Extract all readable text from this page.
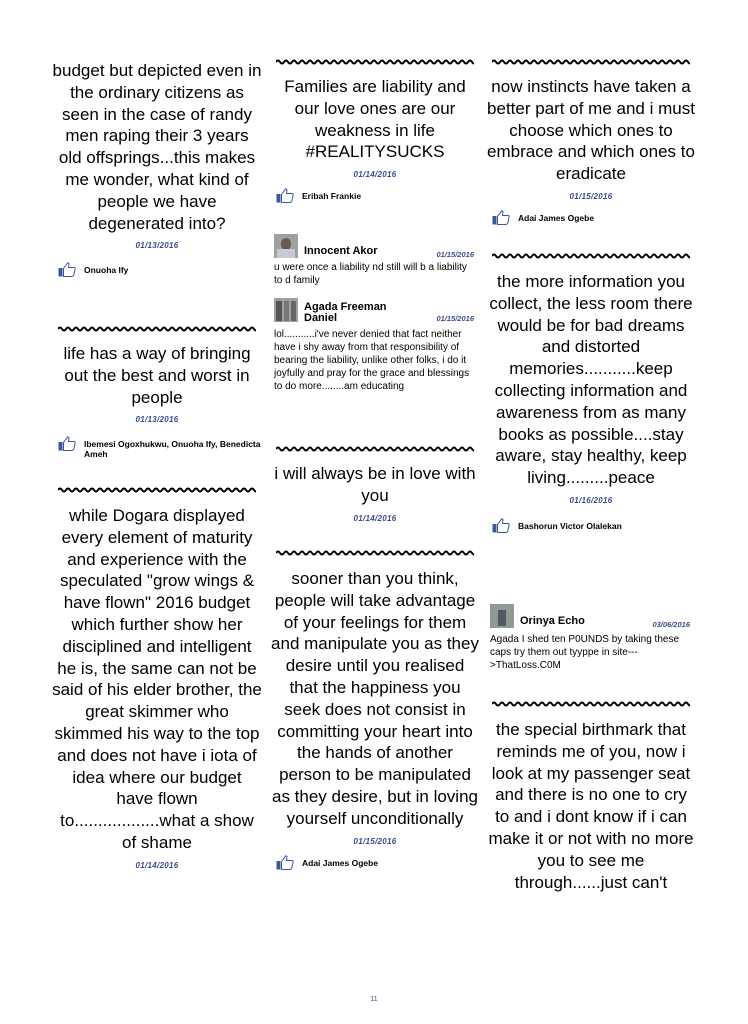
budget but depicted even in the ordinary citizens as seen in the case of randy men raping their 3 years old offsprings...this makes me wonder, what kind of people we have degenerated into?

01/13/2016
Onuoha Ify

life has a way of bringing out the best and worst in people

01/13/2016
Ibemesi Ogoxhukwu, Onuoha Ify, Benedicta Ameh

while Dogara displayed every element of maturity and experience with the speculated "grow wings & have flown" 2016 budget which further show her disciplined and intelligent he is, the same can not be said of his elder brother, the great skimmer who skimmed his way to the top and does not have i iota of idea where our budget have flown to..................what a show of shame

01/14/2016

Families are liability and our love ones are our weakness in life #REALITYSUCKS

01/14/2016
Eribah Frankie
Innocent Akor	01/15/2016
u were once a liability nd still will b a liability to d family
Agada Freeman Daniel	01/15/2016
lol...........i've never denied that fact neither have i shy away from that responsibility of bearing the liability, unlike other folks, i do it joyfully and pray for the grace and blessings to do more........am educating

i will always be in love with you

01/14/2016

sooner than you think, people will take advantage of your feelings for them and manipulate you as they desire until you realised that the happiness you seek does not consist in committing your heart into the hands of another person to be manipulated as they desire, but in loving yourself unconditionally

01/15/2016
Adai James Ogebe

now instincts have taken a better part of me and i must choose which ones to embrace and which ones to eradicate

01/15/2016
Adai James Ogebe

the more information you collect, the less room there would be for bad dreams and distorted memories...........keep collecting information and awareness from as many books as possible....stay aware, stay healthy, keep living.........peace

01/16/2016
Bashorun Victor Olalekan
Orinya Echo	03/06/2016
Agada I shed ten P0UNDS by taking these caps try them out tyyppe in site--->ThatLoss.C0M

the special birthmark that reminds me of you, now i look at my passenger seat and there is no one to cry to and i dont know if i can make it or not with no more you to see me through......just can't

11
